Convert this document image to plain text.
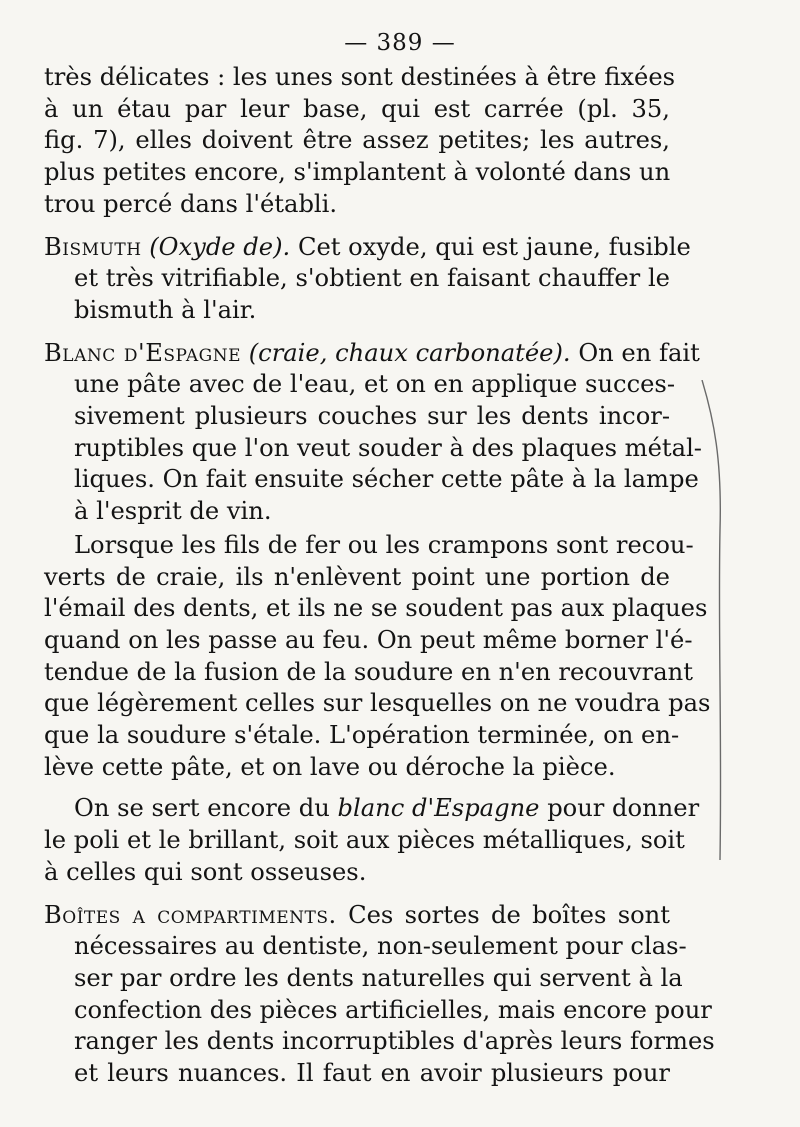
— 389 —
très délicates : les unes sont destinées à être fixées
à un étau par leur base, qui est carrée (pl. 35,
fig. 7), elles doivent être assez petites; les autres,
plus petites encore, s'implantent à volonté dans un
trou percé dans l'établi.
Bismuth (Oxyde de). Cet oxyde, qui est jaune, fusible
et très vitrifiable, s'obtient en faisant chauffer le
bismuth à l'air.
Blanc d'Espagne (craie, chaux carbonatée). On en fait
une pâte avec de l'eau, et on en applique succes-
sivement plusieurs couches sur les dents incor-
ruptibles que l'on veut souder à des plaques métal-
liques. On fait ensuite sécher cette pâte à la lampe
à l'esprit de vin.
Lorsque les fils de fer ou les crampons sont recou-
verts de craie, ils n'enlèvent point une portion de
l'émail des dents, et ils ne se soudent pas aux plaques
quand on les passe au feu. On peut même borner l'é-
tendue de la fusion de la soudure en n'en recouvrant
que légèrement celles sur lesquelles on ne voudra pas
que la soudure s'étale. L'opération terminée, on en-
lève cette pâte, et on lave ou déroche la pièce.
On se sert encore du blanc d'Espagne pour donner
le poli et le brillant, soit aux pièces métalliques, soit
à celles qui sont osseuses.
Boîtes a compartiments. Ces sortes de boîtes sont
nécessaires au dentiste, non-seulement pour clas-
ser par ordre les dents naturelles qui servent à la
confection des pièces artificielles, mais encore pour
ranger les dents incorruptibles d'après leurs formes
et leurs nuances. Il faut en avoir plusieurs pour
